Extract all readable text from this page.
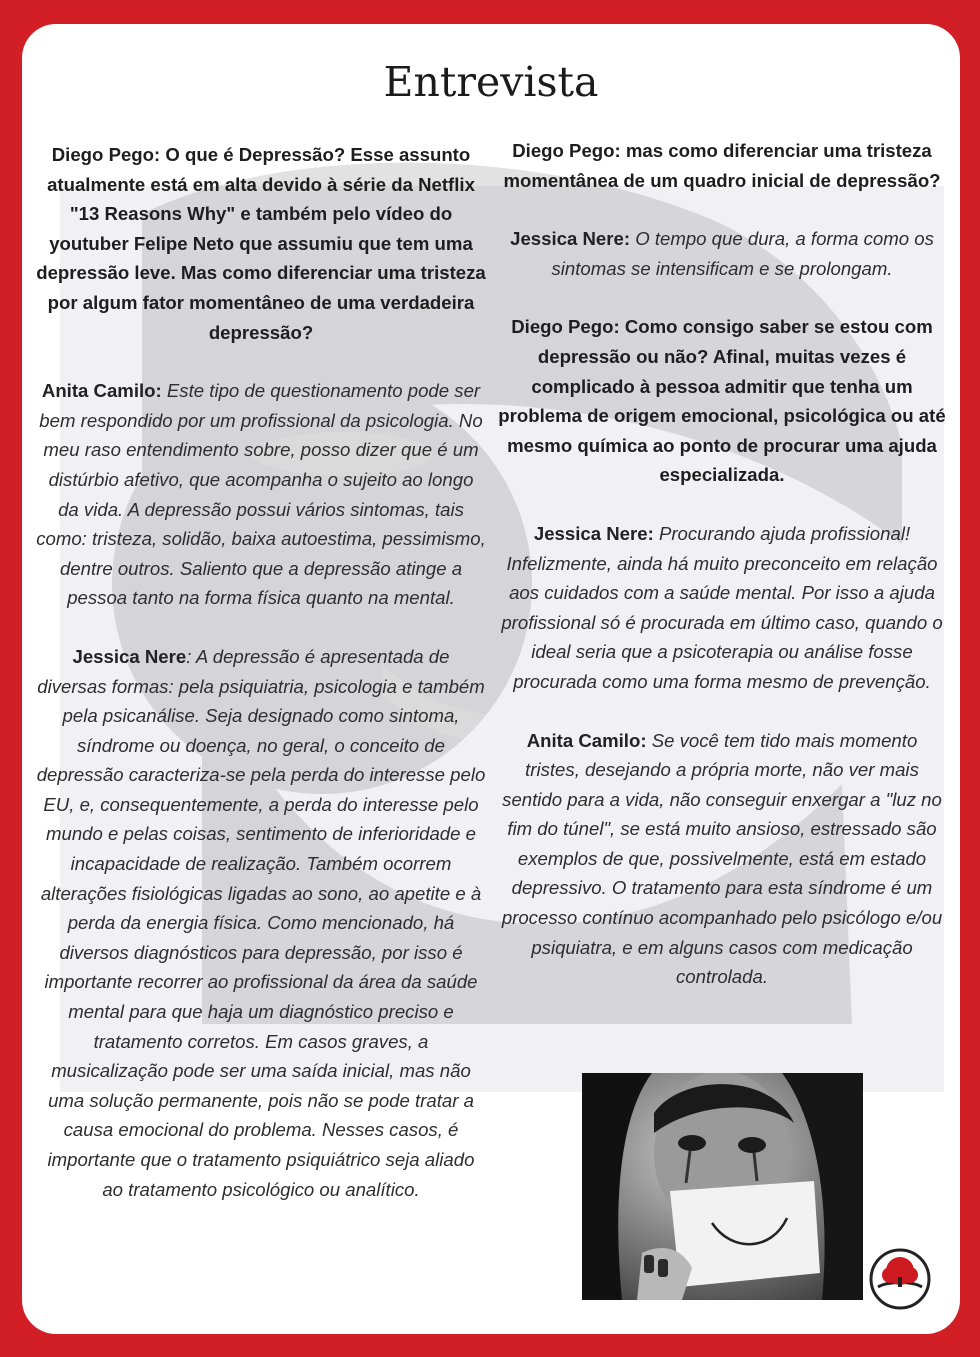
Entrevista

Diego Pego: O que é Depressão? Esse assunto atualmente está em alta devido à série da Netflix "13 Reasons Why" e também pelo vídeo do youtuber Felipe Neto que assumiu que tem uma depressão leve. Mas como diferenciar uma tristeza por algum fator momentâneo de uma verdadeira depressão?

Anita Camilo: Este tipo de questionamento pode ser bem respondido por um profissional da psicologia. No meu raso entendimento sobre, posso dizer que é um distúrbio afetivo, que acompanha o sujeito ao longo da vida. A depressão possui vários sintomas, tais como: tristeza, solidão, baixa autoestima, pessimismo, dentre outros. Saliento que a depressão atinge a pessoa tanto na forma física quanto na mental.

Jessica Nere: A depressão é apresentada de diversas formas: pela psiquiatria, psicologia e também pela psicanálise. Seja designado como sintoma, síndrome ou doença, no geral, o conceito de depressão caracteriza-se pela perda do interesse pelo EU, e, consequentemente, a perda do interesse pelo mundo e pelas coisas, sentimento de inferioridade e incapacidade de realização. Também ocorrem alterações fisiológicas ligadas ao sono, ao apetite e à perda da energia física. Como mencionado, há diversos diagnósticos para depressão, por isso é importante recorrer ao profissional da área da saúde mental para que haja um diagnóstico preciso e tratamento corretos. Em casos graves, a musicalização pode ser uma saída inicial, mas não uma solução permanente, pois não se pode tratar a causa emocional do problema. Nesses casos, é importante que o tratamento psiquiátrico seja aliado ao tratamento psicológico ou analítico.

Diego Pego: mas como diferenciar uma tristeza momentânea de um quadro inicial de depressão?

Jessica Nere: O tempo que dura, a forma como os sintomas se intensificam e se prolongam.

Diego Pego: Como consigo saber se estou com depressão ou não? Afinal, muitas vezes é complicado à pessoa admitir que tenha um problema de origem emocional, psicológica ou até mesmo química ao ponto de procurar uma ajuda especializada.

Jessica Nere: Procurando ajuda profissional! Infelizmente, ainda há muito preconceito em relação aos cuidados com a saúde mental. Por isso a ajuda profissional só é procurada em último caso, quando o ideal seria que a psicoterapia ou análise fosse procurada como uma forma mesmo de prevenção.

Anita Camilo: Se você tem tido mais momento tristes, desejando a própria morte, não ver mais sentido para a vida, não conseguir enxergar a "luz no fim do túnel", se está muito ansioso, estressado são exemplos de que, possivelmente, está em estado depressivo. O tratamento para esta síndrome é um processo contínuo acompanhado pelo psicólogo e/ou psiquiatra, e em alguns casos com medicação controlada.
